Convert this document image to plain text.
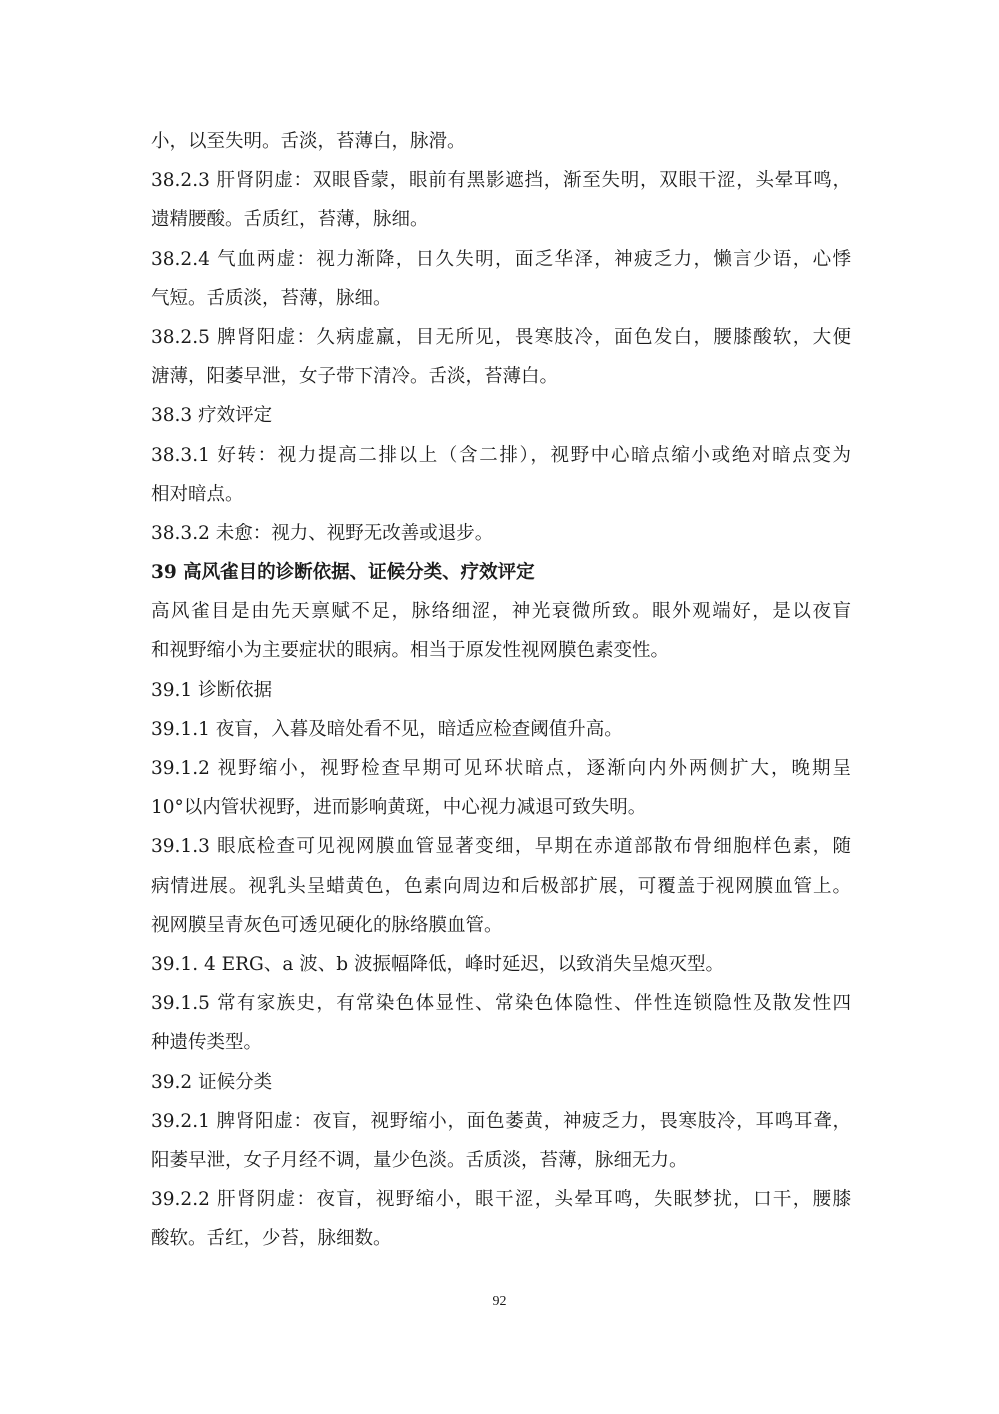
小，以至失明。舌淡，苔薄白，脉滑。
38.2.3 肝肾阴虚：双眼昏蒙，眼前有黑影遮挡，渐至失明，双眼干涩，头晕耳鸣，
遗精腰酸。舌质红，苔薄，脉细。
38.2.4 气血两虚：视力渐降，日久失明，面乏华泽，神疲乏力，懒言少语，心悸
气短。舌质淡，苔薄，脉细。
38.2.5 脾肾阳虚：久病虚羸，目无所见，畏寒肢冷，面色发白，腰膝酸软，大便
溏薄，阳萎早泄，女子带下清冷。舌淡，苔薄白。
38.3 疗效评定
38.3.1 好转：视力提高二排以上（含二排），视野中心暗点缩小或绝对暗点变为
相对暗点。
38.3.2 未愈：视力、视野无改善或退步。
39 高风雀目的诊断依据、证候分类、疗效评定
高风雀目是由先天禀赋不足，脉络细涩，神光衰微所致。眼外观端好，是以夜盲
和视野缩小为主要症状的眼病。相当于原发性视网膜色素变性。
39.1 诊断依据
39.1.1 夜盲，入暮及暗处看不见，暗适应检查阈值升高。
39.1.2 视野缩小，视野检查早期可见环状暗点，逐渐向内外两侧扩大，晚期呈
10°以内管状视野，进而影响黄斑，中心视力减退可致失明。
39.1.3 眼底检查可见视网膜血管显著变细，早期在赤道部散布骨细胞样色素，随
病情进展。视乳头呈蜡黄色，色素向周边和后极部扩展，可覆盖于视网膜血管上。
视网膜呈青灰色可透见硬化的脉络膜血管。
39.1. 4 ERG、a 波、b 波振幅降低，峰时延迟，以致消失呈熄灭型。
39.1.5 常有家族史，有常染色体显性、常染色体隐性、伴性连锁隐性及散发性四
种遗传类型。
39.2 证候分类
39.2.1 脾肾阳虚：夜盲，视野缩小，面色萎黄，神疲乏力，畏寒肢冷，耳鸣耳聋，
阳萎早泄，女子月经不调，量少色淡。舌质淡，苔薄，脉细无力。
39.2.2 肝肾阴虚：夜盲，视野缩小，眼干涩，头晕耳鸣，失眠梦扰，口干，腰膝
酸软。舌红，少苔，脉细数。
92
